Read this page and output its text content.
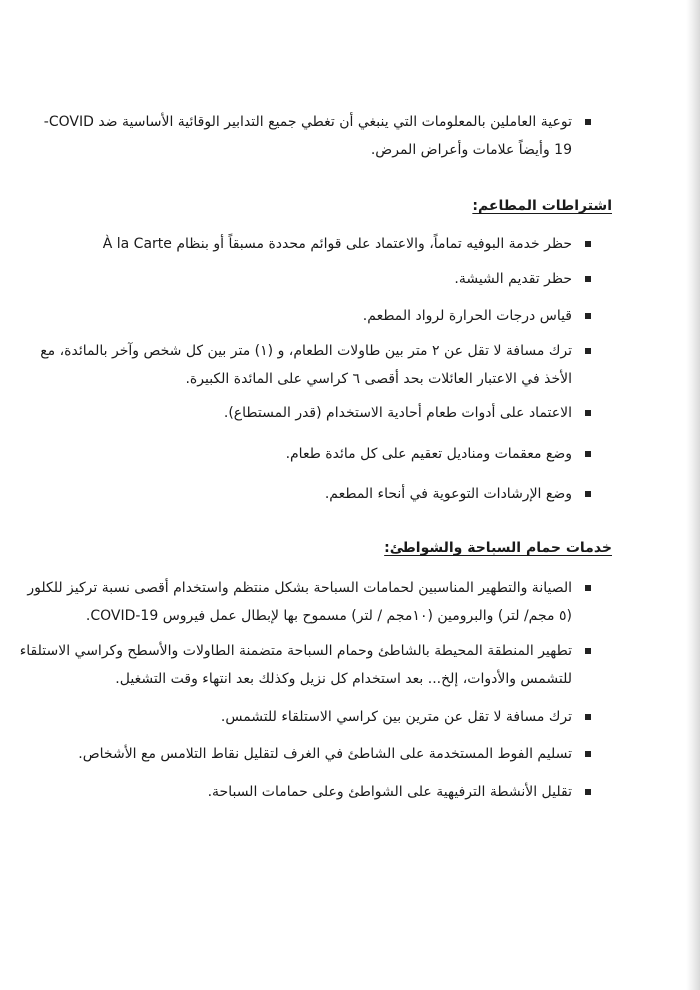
توعية العاملين بالمعلومات التي ينبغي أن تغطي جميع التدابير الوقائية الأساسية ضد COVID-
19 وأيضاً علامات وأعراض المرض.
اشتراطات المطاعم:
حظر خدمة البوفيه تماماً، والاعتماد على قوائم محددة مسبقاً أو بنظام À la Carte
حظر تقديم الشيشة.
قياس درجات الحرارة لرواد المطعم.
ترك مسافة لا تقل عن ٢ متر بين طاولات الطعام، و (١) متر بين كل شخص وآخر بالمائدة، مع
الأخذ في الاعتبار العائلات بحد أقصى ٦ كراسي على المائدة الكبيرة.
الاعتماد على أدوات طعام أحادية الاستخدام (قدر المستطاع).
وضع معقمات ومناديل تعقيم على كل مائدة طعام.
وضع الإرشادات التوعوية في أنحاء المطعم.
خدمات حمام السباحة والشواطئ:
الصيانة والتطهير المناسبين لحمامات السباحة بشكل منتظم واستخدام أقصى نسبة تركيز للكلور
(٥ مجم/ لتر) والبرومين (١٠مجم / لتر) مسموح بها لإبطال عمل فيروس COVID-19.
تطهير المنطقة المحيطة بالشاطئ وحمام السباحة متضمنة الطاولات والأسطح وكراسي الاستلقاء
للتشمس والأدوات، إلخ... بعد استخدام كل نزيل وكذلك بعد انتهاء وقت التشغيل.
ترك مسافة لا تقل عن مترين بين كراسي الاستلقاء للتشمس.
تسليم الفوط المستخدمة على الشاطئ في الغرف لتقليل نقاط التلامس مع الأشخاص.
تقليل الأنشطة الترفيهية على الشواطئ وعلى حمامات السباحة.
